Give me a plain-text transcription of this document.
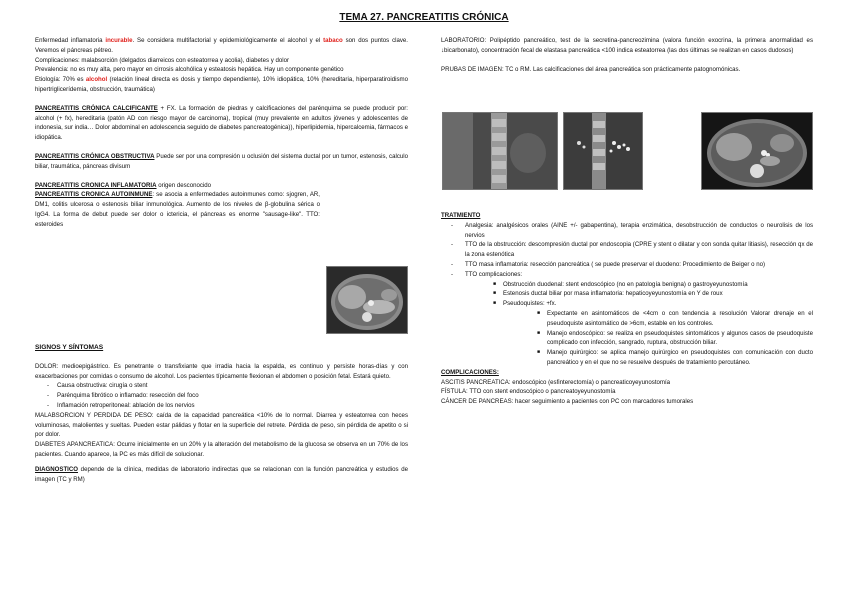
TEMA 27. PANCREATITIS CRÓNICA

Enfermedad inflamatoria incurable. Se considera multifactorial y epidemiológicamente el alcohol y el tabaco son dos puntos clave. Veremos el páncreas pétreo.

Complicaciones: malabsorción (delgados diarreicos con esteatorrea y acolia), diabetes y dolor

Prevalencia: no es muy alta, pero mayor en cirrosis alcohólica y esteatosis hepática. Hay un componente genético

Etiología: 70% es alcohol (relación lineal directa es dosis y tiempo dependiente), 10% idiopática, 10% (hereditaria, hiperparatiroidismo hipertriglicerídemia, obstrucción, traumática)

PANCREATITIS CRÓNICA CALCIFICANTE + FX. La formación de piedras y calcificaciones del parénquima se puede producir por: alcohol (+ fx), hereditaria (patón AD con riesgo mayor de carcinoma), tropical (muy prevalente en adultos jóvenes y adolescentes de indonesia, sur india… Dolor abdominal en adolescencia seguido de diabetes pancreatogénica)), hiperlipidemia, hipercalcemia, fármacos e idiopática.

PANCREATITIS CRÓNICA OBSTRUCTIVA Puede ser por una compresión u oclusión del sistema ductal por un tumor, estenosis, calculo biliar, traumática, páncreas divisum

PANCREATITIS CRONICA INFLAMATORIA origen desconocido

PANCREATITIS CRONICA AUTOINMUNE: se asocia a enfermedades autoinmunes como: sjogren, AR, DM1, colitis ulcerosa o estenosis biliar inmunológica. Aumento de los niveles de β-globulina sérica o IgG4. La forma de debut puede ser dolor o ictericia, el páncreas es enorme "sausage-like". TTO: esteroides

SIGNOS Y SÍNTOMAS

DOLOR: medioepigástrico. Es penetrante o transfixiante que irradia hacia la espalda, es continuo y persiste horas-días y con exacerbaciones por comidas o consumo de alcohol. Los pacientes típicamente flexionan el abdomen o posición fetal. Estará quieto.

- Causa obstructiva: cirugía o stent
- Parénquima fibrótico o inflamado: resección del foco
- Inflamación retroperitoneal: ablación de los nervios

MALABSORCION Y PERDIDA DE PESO: caída de la capacidad pancreática <10% de lo normal. Diarrea y esteatorrea con heces voluminosas, malolientes y sueltas. Pueden estar pálidas y flotar en la superficie del retrete. Pérdida de peso, sin pérdida de apetito o si por dolor.

DIABETES APANCREATICA: Ocurre inicialmente en un 20% y la alteración del metabolismo de la glucosa se observa en un 70% de los pacientes. Cuando aparece, la PC es más difícil de solucionar.

DIAGNOSTICO depende de la clínica, medidas de laboratorio indirectas que se relacionan con la función pancreática y estudios de imagen (TC y RM)

LABORATORIO: Polipéptido pancreático, test de la secretina-pancreozimina (valora función exocrina, la primera anormalidad es ↓bicarbonato), concentración fecal de elastasa pancreática <100 indica esteatorrea (las dos últimas se realizan en casos dudosos)

PRUBAS DE IMAGEN: TC o RM. Las calcificaciones del área pancreática son prácticamente patognomónicas.

TRATMIENTO

- Analgesia: analgésicos orales (AINE +/- gabapentina), terapia enzimática, desobstrucción de conductos o neurolisis de los nervios
- TTO de la obstrucción: descompresión ductal por endoscopia (CPRE y stent o dilatar y con sonda quitar litiasis), resección qx de la zona estenótica
- TTO masa inflamatoria: resección pancreática ( se puede preservar el duodeno: Procedimiento de Beiger o no)
- TTO complicaciones:
■ Obstrucción duodenal: stent endoscópico (no en patología benigna) o gastroyeyunostomía
■ Estenosis ductal biliar por masa inflamatoria: hepaticoyeyunostomía en Y de roux
■ Pseudoquistes: +fx.
■ Expectante en asintomáticos de <4cm o con tendencia a resolución Valorar drenaje en el pseudoquiste asintomático de >6cm, estable en los controles.
■ Manejo endoscópico: se realiza en pseudoquistes sintomáticos y algunos casos de pseudoquiste complicado con infección, sangrado, ruptura, obstrucción biliar.
■ Manejo quirúrgico: se aplica manejo quirúrgico en pseudoquistes con comunicación con ducto pancreático y en el que no se resuelve después de tratamiento percutáneo.

COMPLICACIONES:

ASCITIS PANCREATICA: endoscópico (esfinterectomía) o pancreaticoyeyunostomía

FÍSTULA: TTO con stent endoscópico o pancreatoyeyunostomía

CÁNCER DE PANCREAS: hacer seguimiento a pacientes con PC con marcadores tumorales
